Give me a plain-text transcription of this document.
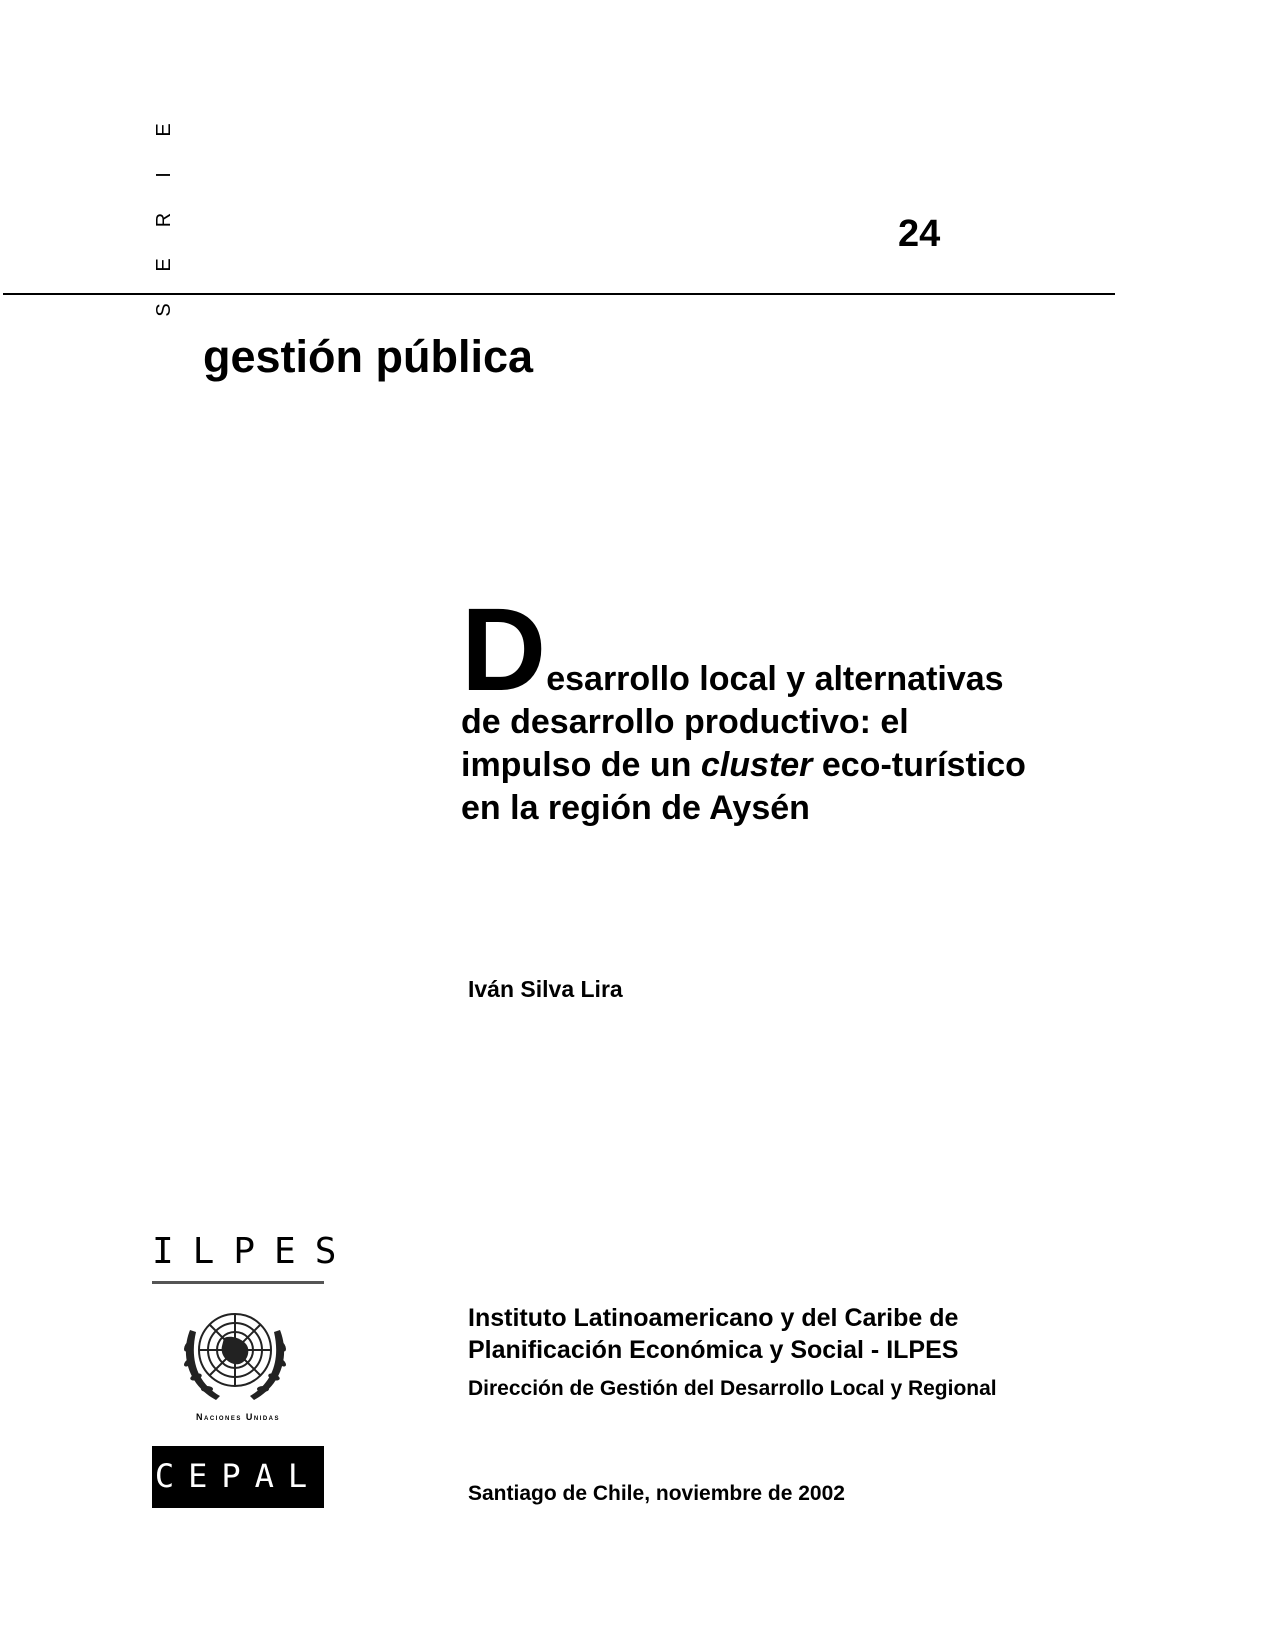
S
E
R
I
E
24
gestión pública
Desarrollo local y alternativas
de desarrollo productivo: el
impulso de un cluster eco-turístico
en la región de Aysén
Iván Silva Lira
ILPES
Naciones Unidas
CEPAL
Instituto Latinoamericano y del Caribe de
Planificación Económica y Social - ILPES
Dirección de Gestión del Desarrollo Local y Regional
Santiago de Chile, noviembre de 2002
